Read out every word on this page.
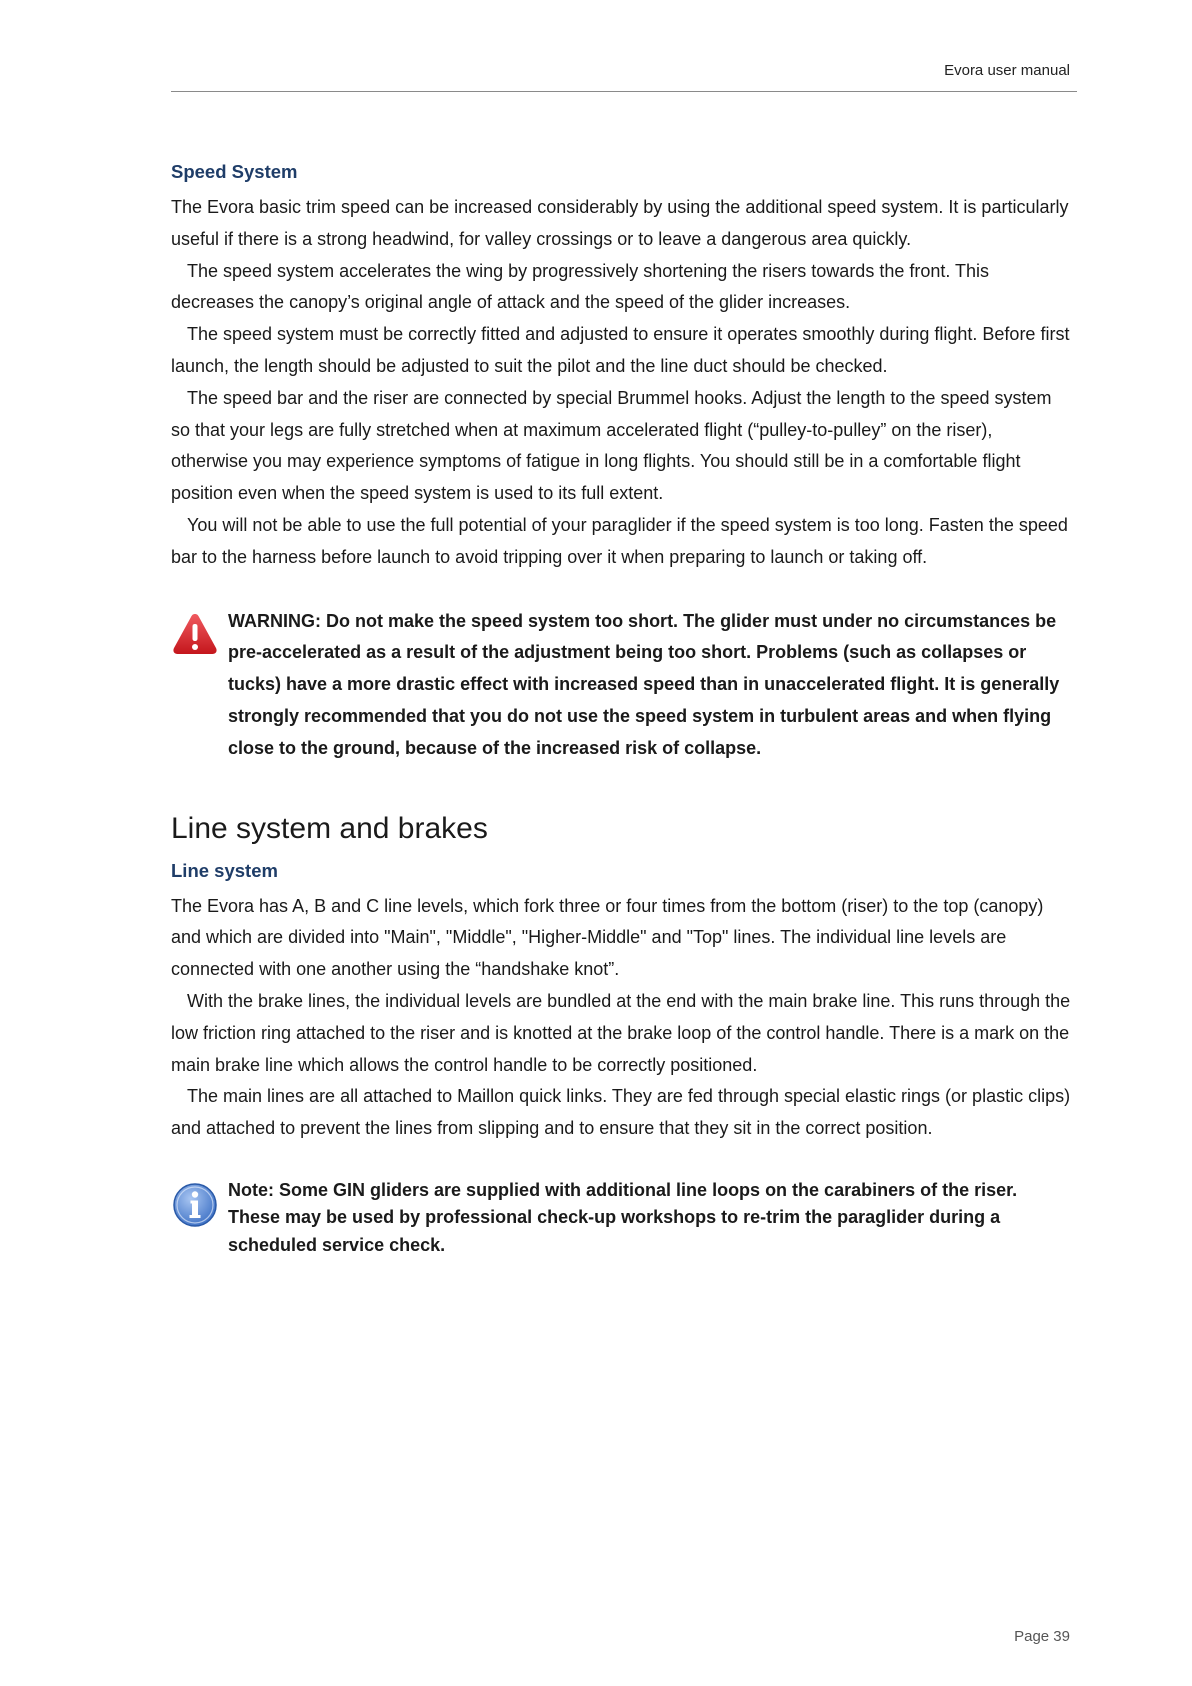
Evora user manual
Speed System

The Evora basic trim speed can be increased considerably by using the additional speed system. It is particularly useful if there is a strong headwind, for valley crossings or to leave a dangerous area quickly.

The speed system accelerates the wing by progressively shortening the risers towards the front. This decreases the canopy’s original angle of attack and the speed of the glider increases.

The speed system must be correctly fitted and adjusted to ensure it operates smoothly during flight. Before first launch, the length should be adjusted to suit the pilot and the line duct should be checked.

The speed bar and the riser are connected by special Brummel hooks. Adjust the length to the speed system so that your legs are fully stretched when at maximum accelerated flight (“pulley-to-pulley” on the riser), otherwise you may experience symptoms of fatigue in long flights. You should still be in a comfortable flight position even when the speed system is used to its full extent.

You will not be able to use the full potential of your paraglider if the speed system is too long. Fasten the speed bar to the harness before launch to avoid tripping over it when preparing to launch or taking off.

WARNING: Do not make the speed system too short. The glider must under no circumstances be pre-accelerated as a result of the adjustment being too short. Problems (such as collapses or tucks) have a more drastic effect with increased speed than in unaccelerated flight. It is generally strongly recommended that you do not use the speed system in turbulent areas and when flying close to the ground, because of the increased risk of collapse.

Line system and brakes
Line system

The Evora has A, B and C line levels, which fork three or four times from the bottom (riser) to the top (canopy) and which are divided into "Main", "Middle", "Higher-Middle" and "Top" lines. The individual line levels are connected with one another using the “handshake knot”.

With the brake lines, the individual levels are bundled at the end with the main brake line. This runs through the low friction ring attached to the riser and is knotted at the brake loop of the control handle. There is a mark on the main brake line which allows the control handle to be correctly positioned.

The main lines are all attached to Maillon quick links. They are fed through special elastic rings (or plastic clips) and attached to prevent the lines from slipping and to ensure that they sit in the correct position.

Note: Some GIN gliders are supplied with additional line loops on the carabiners of the riser. These may be used by professional check-up workshops to re-trim the paraglider during a scheduled service check.

Page 39
